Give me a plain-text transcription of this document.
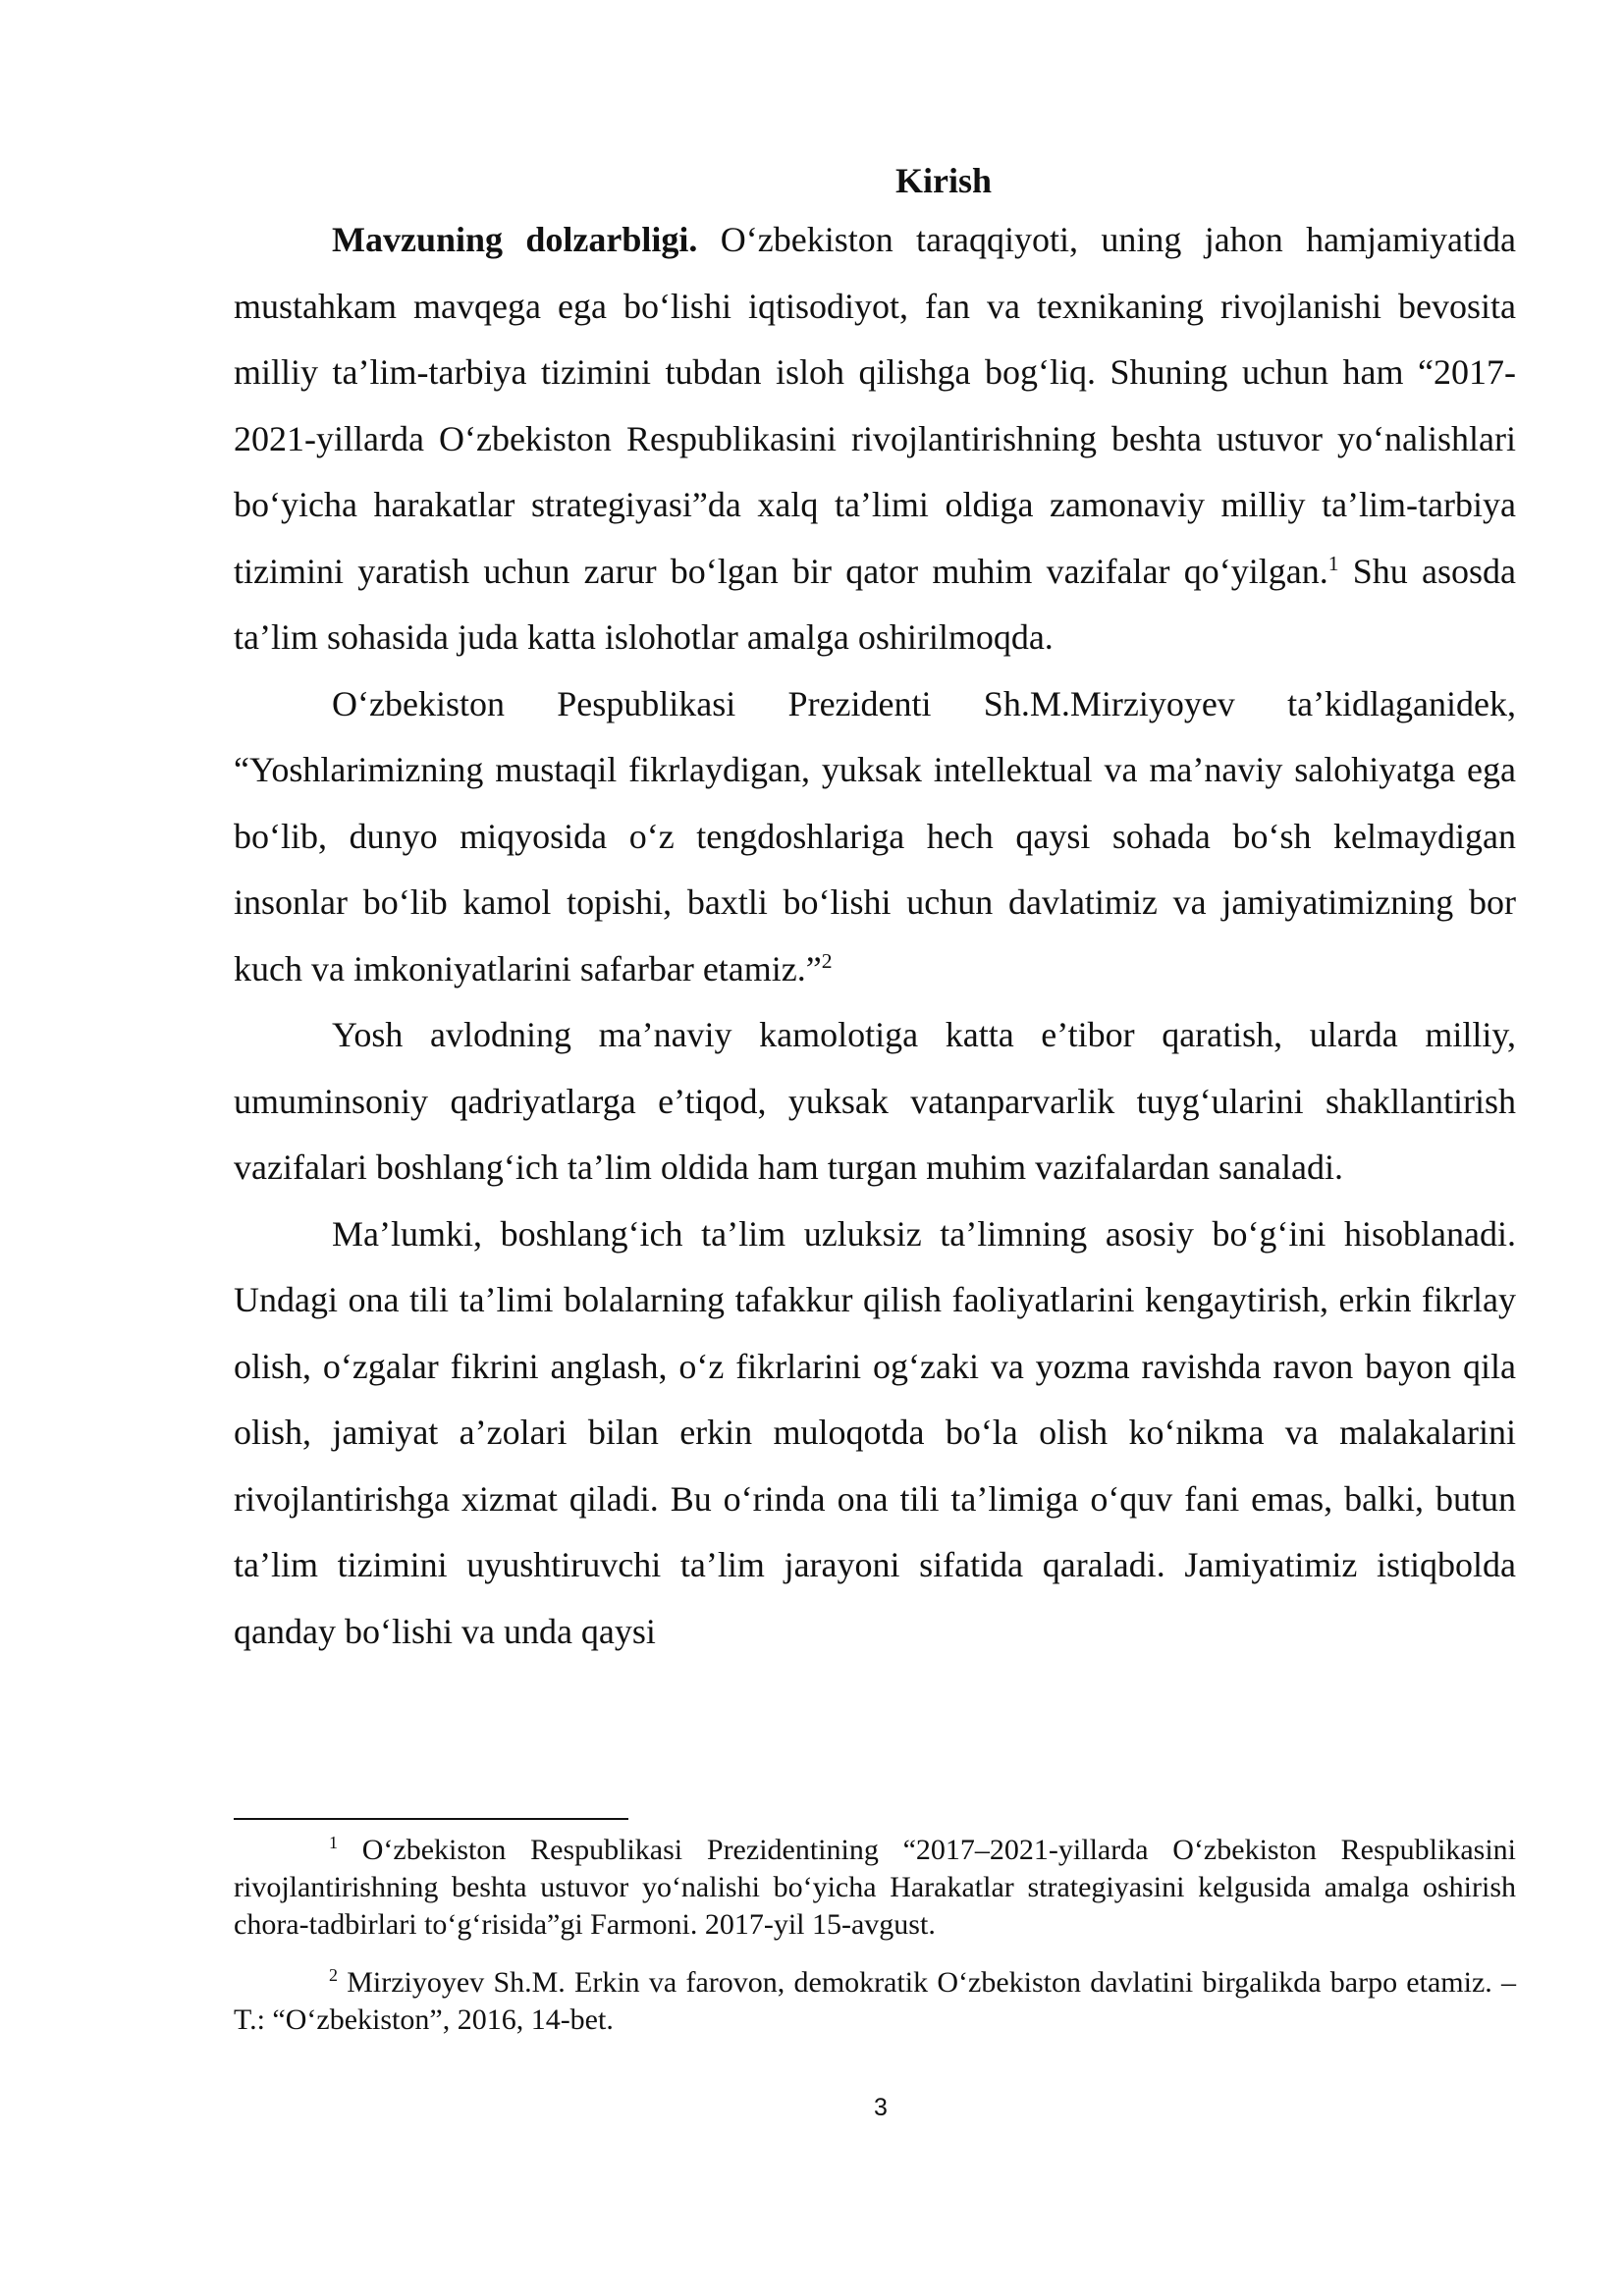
Kirish

Mavzuning dolzarbligi. O‘zbekiston taraqqiyoti, uning jahon hamjamiyatida mustahkam mavqega ega bo‘lishi iqtisodiyot, fan va texnikaning rivojlanishi bevosita milliy ta’lim-tarbiya tizimini tubdan isloh qilishga bog‘liq. Shuning uchun ham “2017-2021-yillarda O‘zbekiston Respublikasini rivojlantirishning beshta ustuvor yo‘nalishlari bo‘yicha harakatlar strategiyasi”da xalq ta’limi oldiga zamonaviy milliy ta’lim-tarbiya tizimini yaratish uchun zarur bo‘lgan bir qator muhim vazifalar qo‘yilgan.$^1$ Shu asosda ta’lim sohasida juda katta islohotlar amalga oshirilmoqda.

O‘zbekiston Pespublikasi Prezidenti Sh.M.Mirziyoyev ta’kidlaganidek, “Yoshlarimizning mustaqil fikrlaydigan, yuksak intellektual va ma’naviy salohiyatga ega bo‘lib, dunyo miqyosida o‘z tengdoshlariga hech qaysi sohada bo‘sh kelmaydigan insonlar bo‘lib kamol topishi, baxtli bo‘lishi uchun davlatimiz va jamiyatimizning bor kuch va imkoniyatlarini safarbar etamiz.”$^2$

Yosh avlodning ma’naviy kamolotiga katta e’tibor qaratish, ularda milliy, umuminsoniy qadriyatlarga e’tiqod, yuksak vatanparvarlik tuyg‘ularini shakllantirish vazifalari boshlang‘ich ta’lim oldida ham turgan muhim vazifalardan sanaladi.

Ma’lumki, boshlang‘ich ta’lim uzluksiz ta’limning asosiy bo‘g‘ini hisoblanadi. Undagi ona tili ta’limi bolalarning tafakkur qilish faoliyatlarini kengaytirish, erkin fikrlay olish, o‘zgalar fikrini anglash, o‘z fikrlarini og‘zaki va yozma ravishda ravon bayon qila olish, jamiyat a’zolari bilan erkin muloqotda bo‘la olish ko‘nikma va malakalarini rivojlantirishga xizmat qiladi. Bu o‘rinda ona tili ta’limiga o‘quv fani emas, balki, butun ta’lim tizimini uyushtiruvchi ta’lim jarayoni sifatida qaraladi. Jamiyatimiz istiqbolda qanday bo‘lishi va unda qaysi

$^1$ O‘zbekiston Respublikasi Prezidentining “2017–2021-yillarda O‘zbekiston Respublikasini rivojlantirishning beshta ustuvor yo‘nalishi bo‘yicha Harakatlar strategiyasini kelgusida amalga oshirish chora-tadbirlari to‘g‘risida”gi Farmoni. 2017-yil 15-avgust.

$^2$ Mirziyoyev Sh.M. Erkin va farovon, demokratik O‘zbekiston davlatini birgalikda barpo etamiz. – T.: “O‘zbekiston”, 2016, 14-bet.

3
